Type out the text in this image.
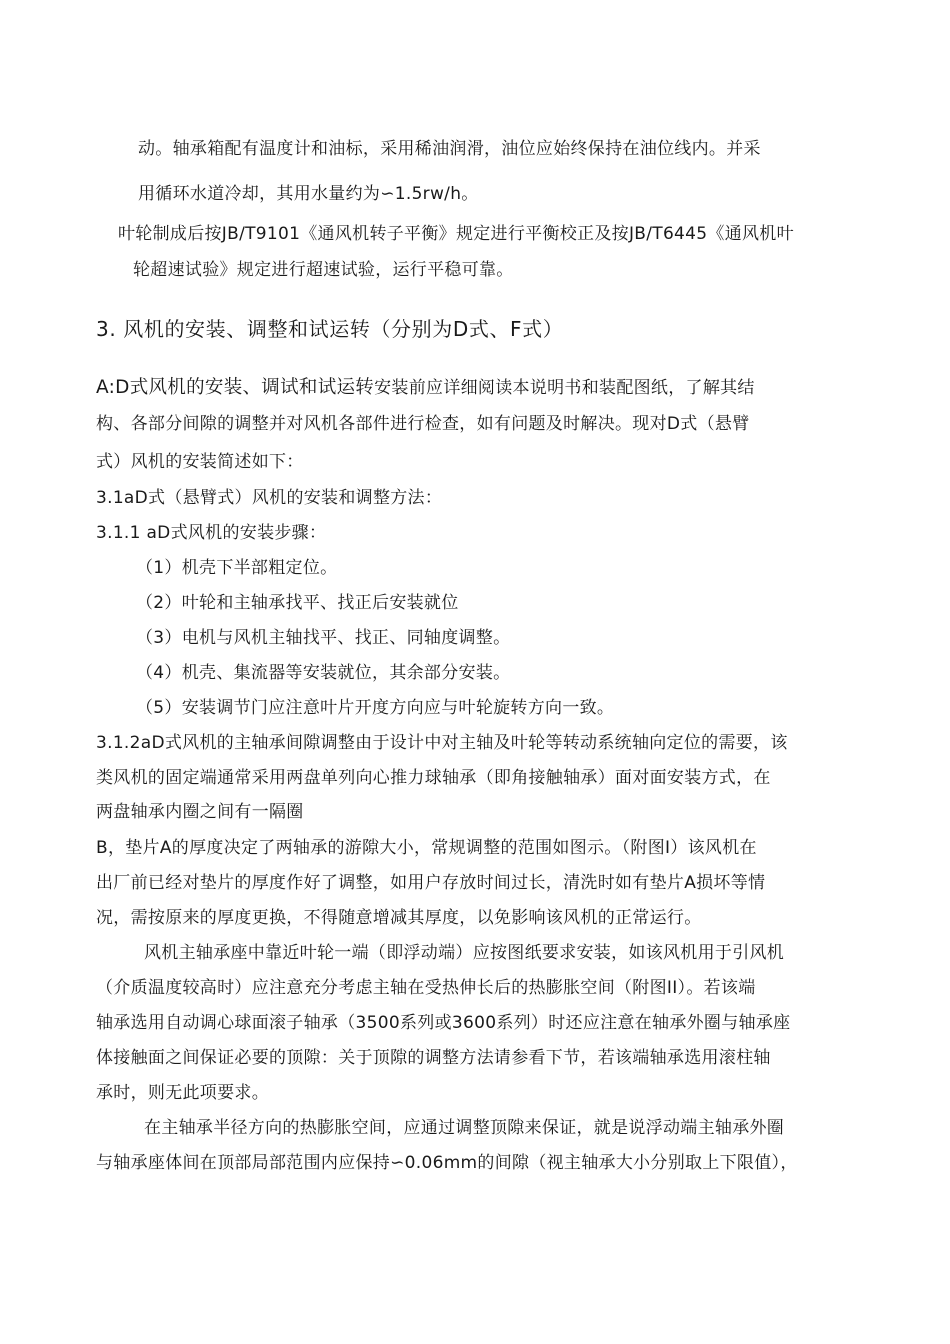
动。轴承箱配有温度计和油标，采用稀油润滑，油位应始终保持在油位线内。并采
用循环水道冷却，其用水量约为∽1.5rw/h。
叶轮制成后按JB/T9101《通风机转子平衡》规定进行平衡校正及按JB/T6445《通风机叶
轮超速试验》规定进行超速试验，运行平稳可靠。
3. 风机的安装、调整和试运转（分别为D式、F式）
A:D式风机的安装、调试和试运转安装前应详细阅读本说明书和装配图纸，了解其结
构、各部分间隙的调整并对风机各部件进行检查，如有问题及时解决。现对D式（悬臂
式）风机的安装简述如下：
3.1aD式（悬臂式）风机的安装和调整方法：
3.1.1 aD式风机的安装步骤：
（1）机壳下半部粗定位。
（2）叶轮和主轴承找平、找正后安装就位
（3）电机与风机主轴找平、找正、同轴度调整。
（4）机壳、集流器等安装就位，其余部分安装。
（5）安装调节门应注意叶片开度方向应与叶轮旋转方向一致。
3.1.2aD式风机的主轴承间隙调整由于设计中对主轴及叶轮等转动系统轴向定位的需要，该
类风机的固定端通常采用两盘单列向心推力球轴承（即角接触轴承）面对面安装方式，在
两盘轴承内圈之间有一隔圈
B，垫片A的厚度决定了两轴承的游隙大小，常规调整的范围如图示。（附图I）该风机在
出厂前已经对垫片的厚度作好了调整，如用户存放时间过长，清洗时如有垫片A损坏等情
况，需按原来的厚度更换，不得随意增减其厚度，以免影响该风机的正常运行。
风机主轴承座中靠近叶轮一端（即浮动端）应按图纸要求安装，如该风机用于引风机
（介质温度较高时）应注意充分考虑主轴在受热伸长后的热膨胀空间（附图II）。若该端
轴承选用自动调心球面滚子轴承（3500系列或3600系列）时还应注意在轴承外圈与轴承座
体接触面之间保证必要的顶隙：关于顶隙的调整方法请参看下节，若该端轴承选用滚柱轴
承时，则无此项要求。
在主轴承半径方向的热膨胀空间，应通过调整顶隙来保证，就是说浮动端主轴承外圈
与轴承座体间在顶部局部范围内应保持∽0.06mm的间隙（视主轴承大小分别取上下限值），
